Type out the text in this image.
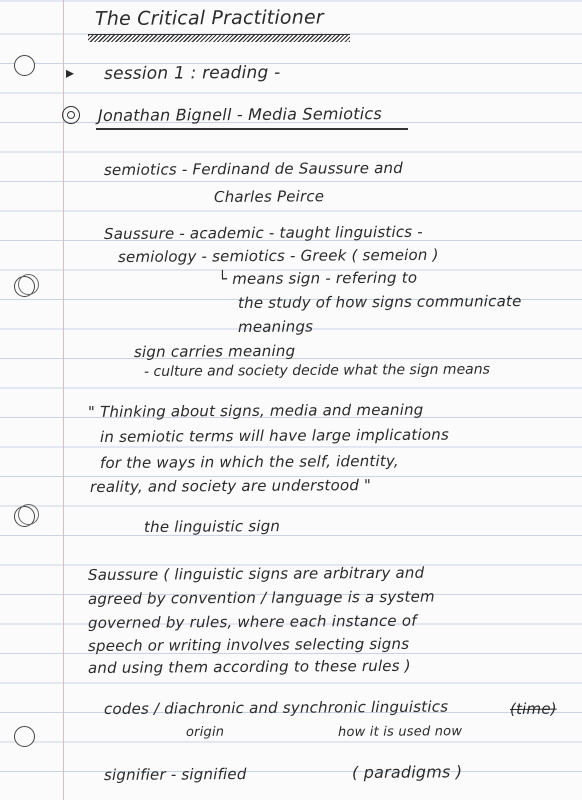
The Critical Practitioner

▸ session 1 : reading -

Jonathan Bignell - Media Semiotics

semiotics - Ferdinand de Saussure and

Charles Peirce

Saussure - academic - taught linguistics -

semiology - semiotics - Greek ( semeion )

└ means sign - refering to

the study of how signs communicate

meanings

sign carries meaning

- culture and society decide what the sign means

" Thinking about signs, media and meaning

in semiotic terms will have large implications

for the ways in which the self, identity,

reality, and society are understood "

the linguistic sign

Saussure ( linguistic signs are arbitrary and

agreed by convention / language is a system

governed by rules, where each instance of

speech or writing involves selecting signs

and using them according to these rules )

codes / diachronic and synchronic linguistics	(time)

origin	how it is used now

signifier - signified	( paradigms )
